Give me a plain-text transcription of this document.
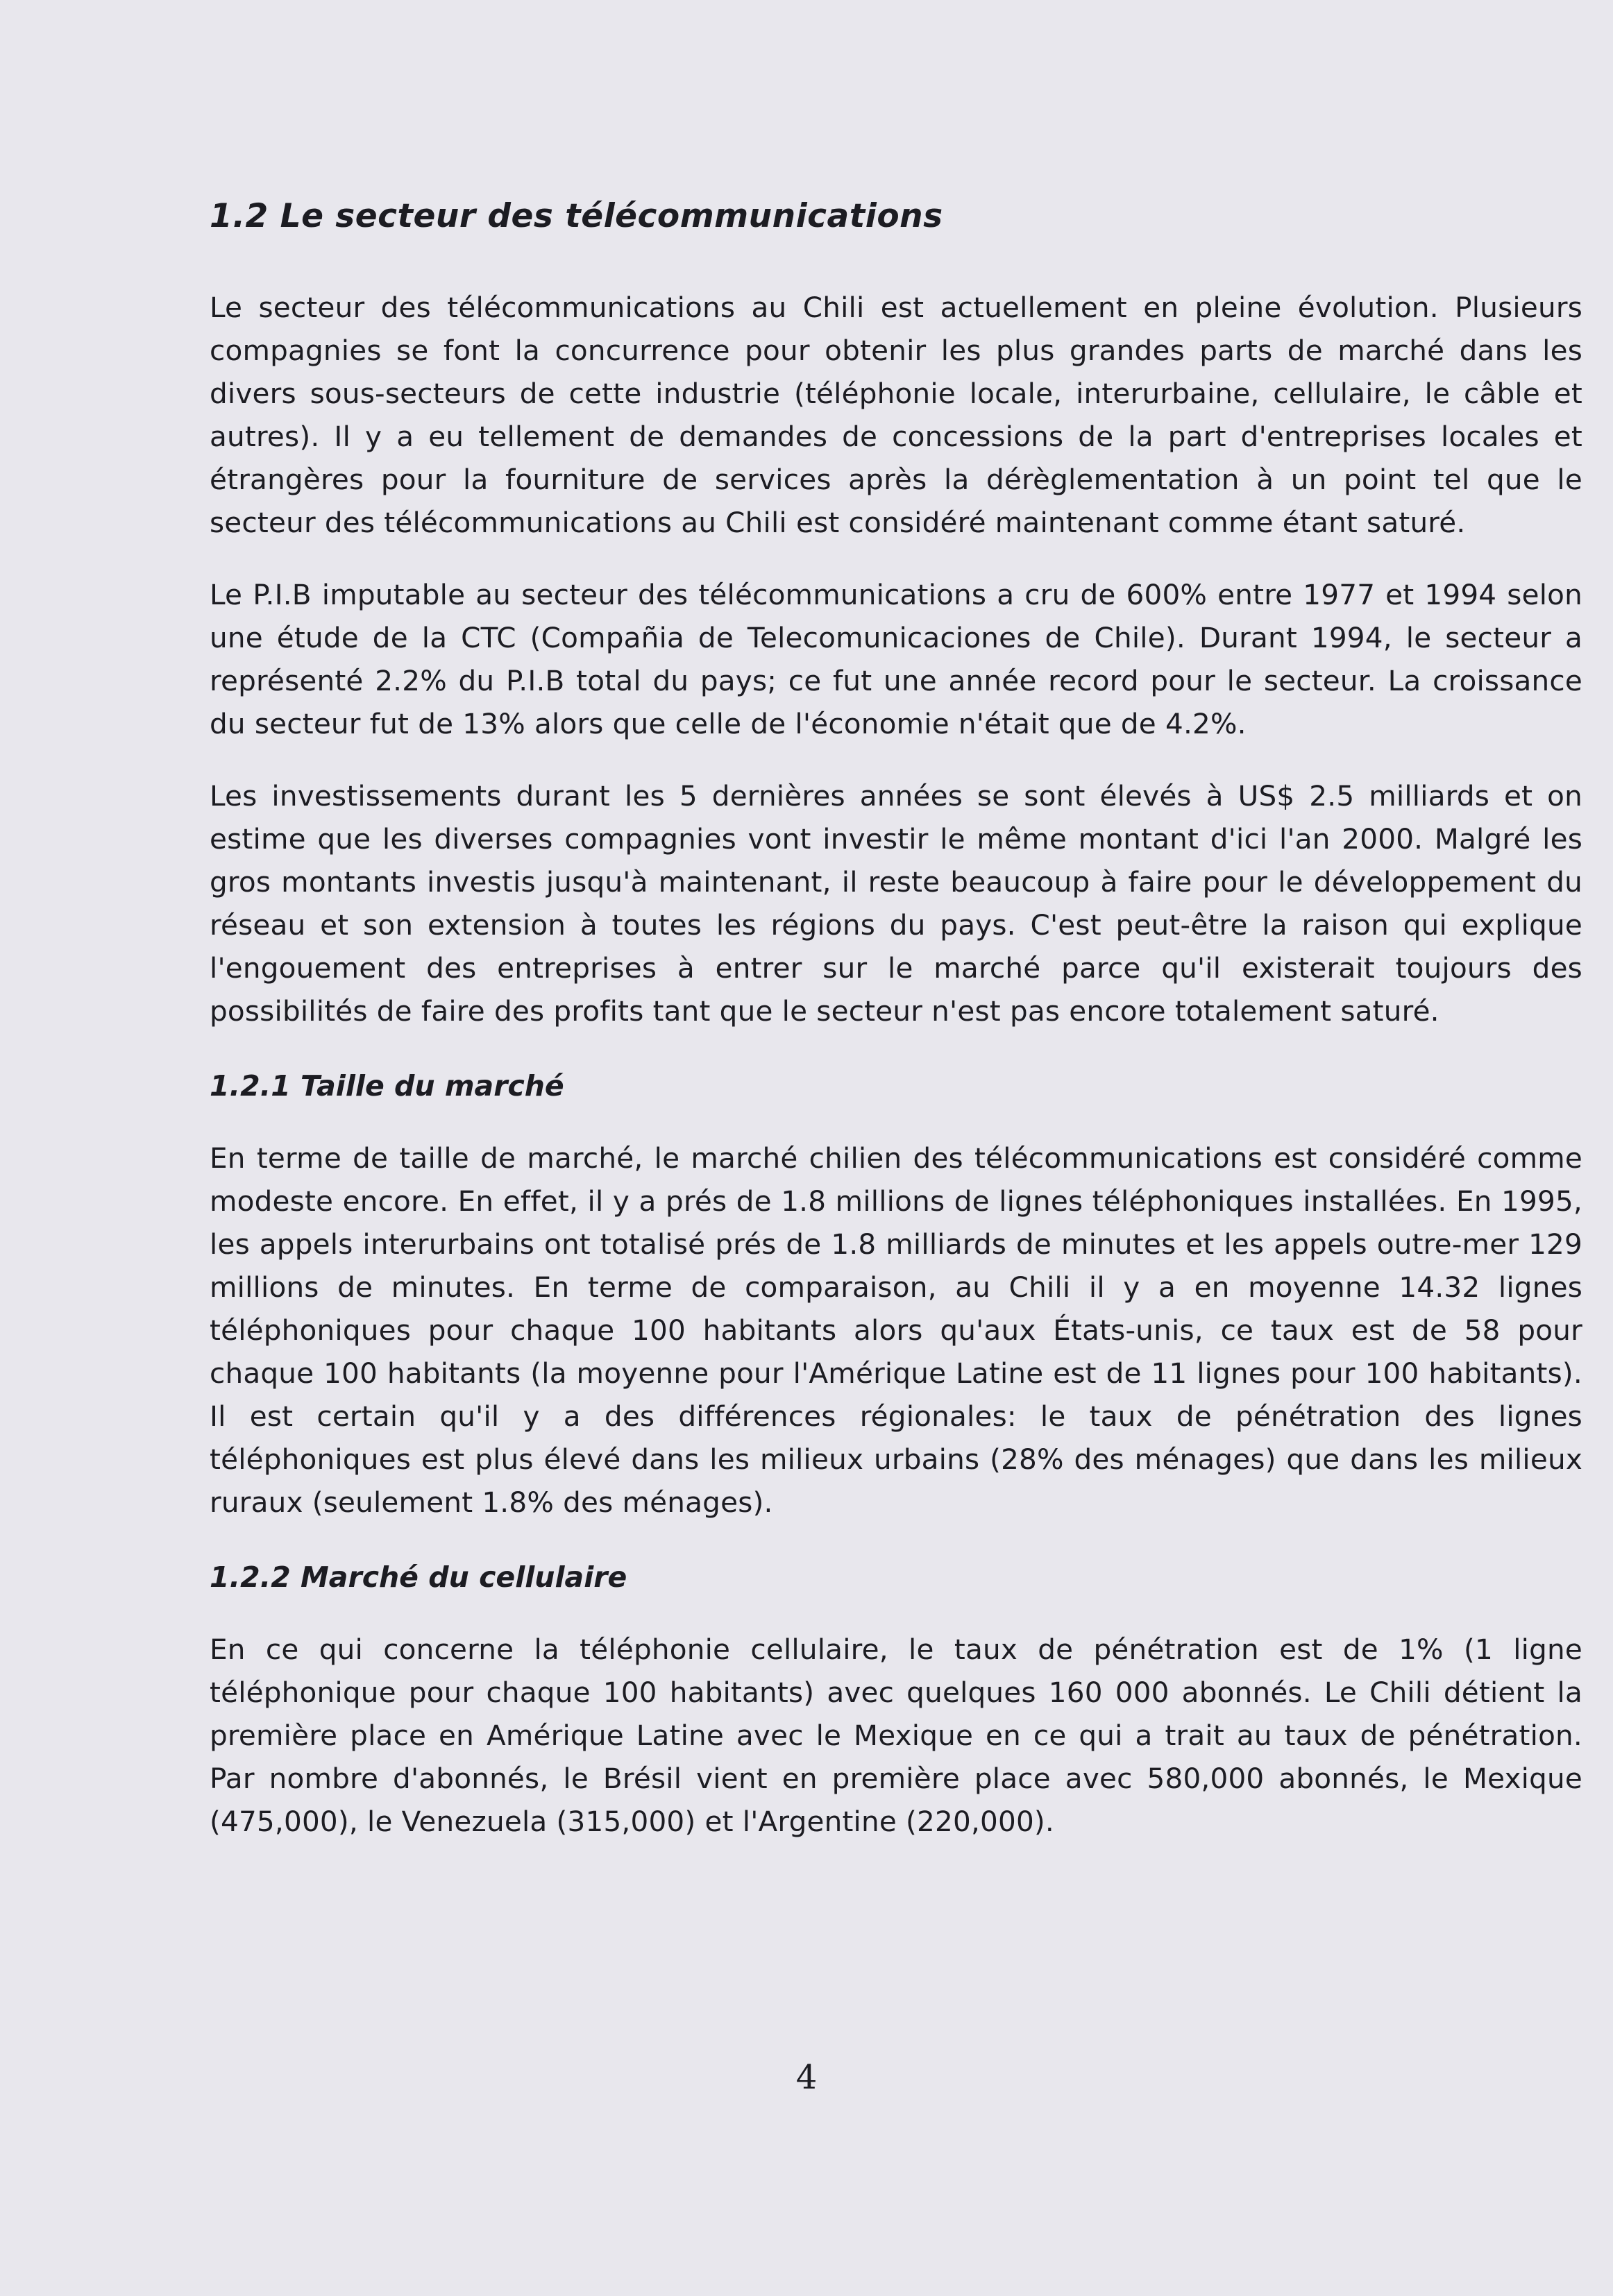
1.2 Le secteur des télécommunications

Le secteur des télécommunications au Chili est actuellement en pleine évolution. Plusieurs compagnies se font la concurrence pour obtenir les plus grandes parts de marché dans les divers sous-secteurs de cette industrie (téléphonie locale, interurbaine, cellulaire, le câble et autres). Il y a eu tellement de demandes de concessions de la part d'entreprises locales et étrangères pour la fourniture de services après la dérèglementation à un point tel que le secteur des télécommunications au Chili est considéré maintenant comme étant saturé.

Le P.I.B imputable au secteur des télécommunications a cru de 600% entre 1977 et 1994 selon une étude de la CTC (Compañia de Telecomunicaciones de Chile). Durant 1994, le secteur a représenté 2.2% du P.I.B total du pays; ce fut une année record pour le secteur. La croissance du secteur fut de 13% alors que celle de l'économie n'était que de 4.2%.

Les investissements durant les 5 dernières années se sont élevés à US$ 2.5 milliards et on estime que les diverses compagnies vont investir le même montant d'ici l'an 2000. Malgré les gros montants investis jusqu'à maintenant, il reste beaucoup à faire pour le développement du réseau et son extension à toutes les régions du pays. C'est peut-être la raison qui explique l'engouement des entreprises à entrer sur le marché parce qu'il existerait toujours des possibilités de faire des profits tant que le secteur n'est pas encore totalement saturé.

1.2.1 Taille du marché

En terme de taille de marché, le marché chilien des télécommunications est considéré comme modeste encore. En effet, il y a prés de 1.8 millions de lignes téléphoniques installées. En 1995, les appels interurbains ont totalisé prés de 1.8 milliards de minutes et les appels outre-mer 129 millions de minutes. En terme de comparaison, au Chili il y a en moyenne 14.32 lignes téléphoniques pour chaque 100 habitants alors qu'aux États-unis, ce taux est de 58 pour chaque 100 habitants (la moyenne pour l'Amérique Latine est de 11 lignes pour 100 habitants). Il est certain qu'il y a des différences régionales: le taux de pénétration des lignes téléphoniques est plus élevé dans les milieux urbains (28% des ménages) que dans les milieux ruraux (seulement 1.8% des ménages).

1.2.2 Marché du cellulaire

En ce qui concerne la téléphonie cellulaire, le taux de pénétration est de 1% (1 ligne téléphonique pour chaque 100 habitants) avec quelques 160 000 abonnés. Le Chili détient la première place en Amérique Latine avec le Mexique en ce qui a trait au taux de pénétration. Par nombre d'abonnés, le Brésil vient en première place avec 580,000 abonnés, le Mexique (475,000), le Venezuela (315,000) et l'Argentine (220,000).

4
